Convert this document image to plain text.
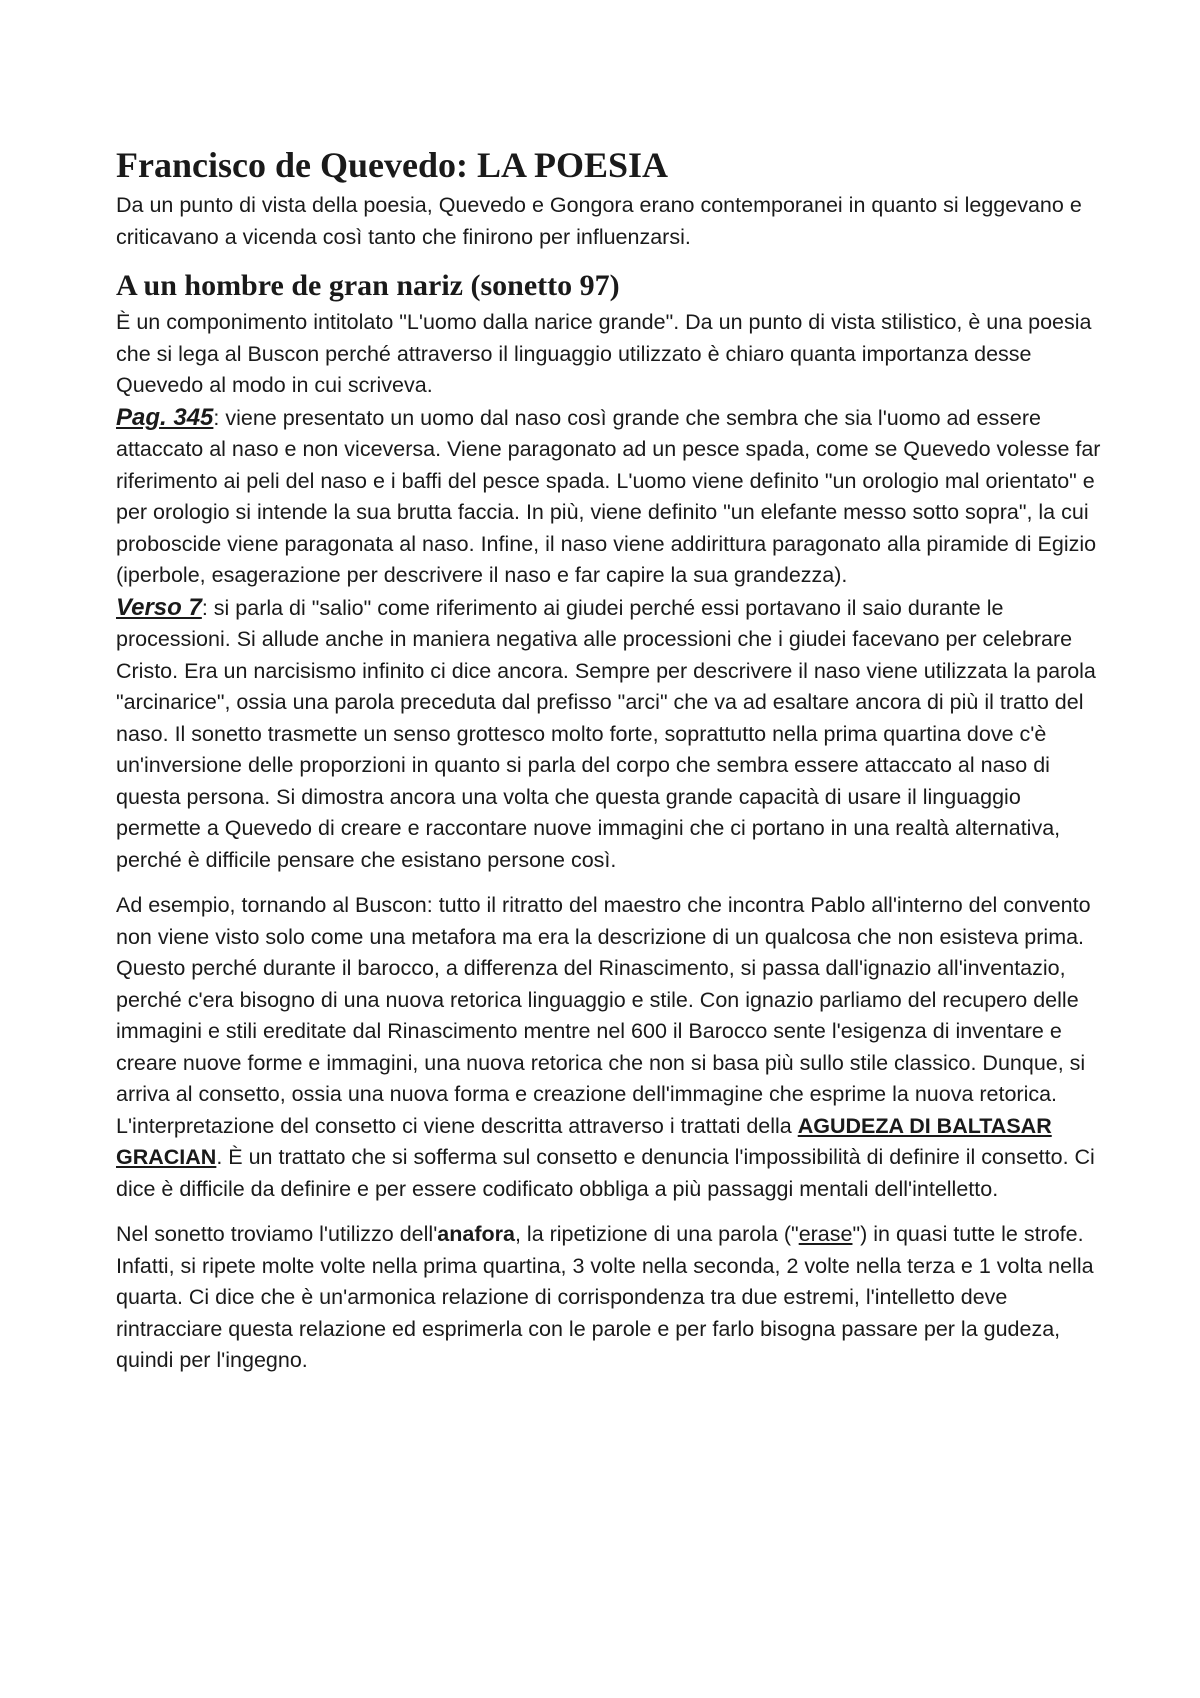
Francisco de Quevedo: LA POESIA

Da un punto di vista della poesia, Quevedo e Gongora erano contemporanei in quanto si leggevano e criticavano a vicenda così tanto che finirono per influenzarsi.

A un hombre de gran nariz (sonetto 97)

È un componimento intitolato "L'uomo dalla narice grande". Da un punto di vista stilistico, è una poesia che si lega al Buscon perché attraverso il linguaggio utilizzato è chiaro quanta importanza desse Quevedo al modo in cui scriveva.

Pag. 345: viene presentato un uomo dal naso così grande che sembra che sia l'uomo ad essere attaccato al naso e non viceversa. Viene paragonato ad un pesce spada, come se Quevedo volesse far riferimento ai peli del naso e i baffi del pesce spada. L'uomo viene definito "un orologio mal orientato" e per orologio si intende la sua brutta faccia. In più, viene definito "un elefante messo sotto sopra", la cui proboscide viene paragonata al naso. Infine, il naso viene addirittura paragonato alla piramide di Egizio (iperbole, esagerazione per descrivere il naso e far capire la sua grandezza).

Verso 7: si parla di "salio" come riferimento ai giudei perché essi portavano il saio durante le processioni. Si allude anche in maniera negativa alle processioni che i giudei facevano per celebrare Cristo. Era un narcisismo infinito ci dice ancora. Sempre per descrivere il naso viene utilizzata la parola "arcinarice", ossia una parola preceduta dal prefisso "arci" che va ad esaltare ancora di più il tratto del naso. Il sonetto trasmette un senso grottesco molto forte, soprattutto nella prima quartina dove c'è un'inversione delle proporzioni in quanto si parla del corpo che sembra essere attaccato al naso di questa persona. Si dimostra ancora una volta che questa grande capacità di usare il linguaggio permette a Quevedo di creare e raccontare nuove immagini che ci portano in una realtà alternativa, perché è difficile pensare che esistano persone così.

Ad esempio, tornando al Buscon: tutto il ritratto del maestro che incontra Pablo all'interno del convento non viene visto solo come una metafora ma era la descrizione di un qualcosa che non esisteva prima. Questo perché durante il barocco, a differenza del Rinascimento, si passa dall'ignazio all'inventazio, perché c'era bisogno di una nuova retorica linguaggio e stile. Con ignazio parliamo del recupero delle immagini e stili ereditate dal Rinascimento mentre nel 600 il Barocco sente l'esigenza di inventare e creare nuove forme e immagini, una nuova retorica che non si basa più sullo stile classico. Dunque, si arriva al consetto, ossia una nuova forma e creazione dell'immagine che esprime la nuova retorica. L'interpretazione del consetto ci viene descritta attraverso i trattati della AGUDEZA DI BALTASAR GRACIAN. È un trattato che si sofferma sul consetto e denuncia l'impossibilità di definire il consetto. Ci dice è difficile da definire e per essere codificato obbliga a più passaggi mentali dell'intelletto.

Nel sonetto troviamo l'utilizzo dell'anafora, la ripetizione di una parola ("erase") in quasi tutte le strofe. Infatti, si ripete molte volte nella prima quartina, 3 volte nella seconda, 2 volte nella terza e 1 volta nella quarta. Ci dice che è un'armonica relazione di corrispondenza tra due estremi, l'intelletto deve rintracciare questa relazione ed esprimerla con le parole e per farlo bisogna passare per la gudeza, quindi per l'ingegno.
